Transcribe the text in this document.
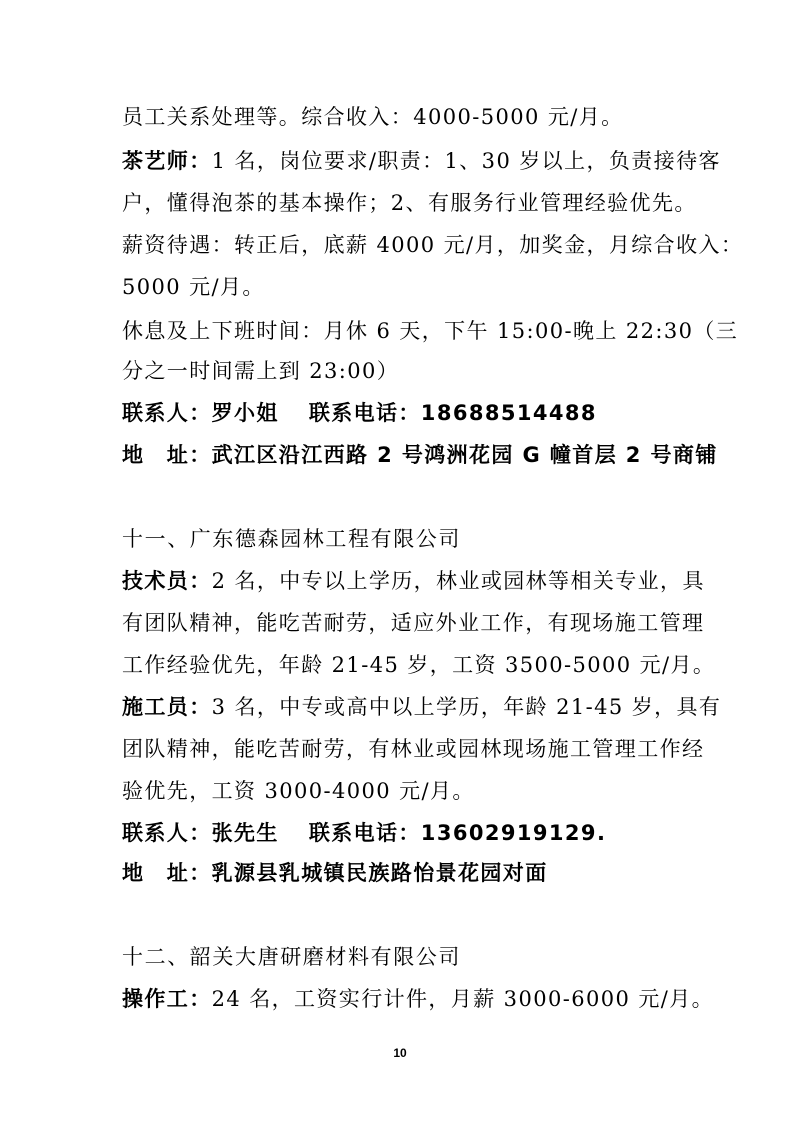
员工关系处理等。综合收入：4000-5000 元/月。
茶艺师：1 名，岗位要求/职责：1、30 岁以上，负责接待客
户，懂得泡茶的基本操作；2、有服务行业管理经验优先。
薪资待遇：转正后，底薪 4000 元/月，加奖金，月综合收入：
5000 元/月。
休息及上下班时间：月休 6 天，下午 15:00-晚上 22:30（三
分之一时间需上到 23:00）
联系人：罗小姐 联系电话：18688514488
地　址：武江区沿江西路 2 号鸿洲花园 G 幢首层 2 号商铺
十一、广东德森园林工程有限公司
技术员：2 名，中专以上学历，林业或园林等相关专业，具
有团队精神，能吃苦耐劳，适应外业工作，有现场施工管理
工作经验优先，年龄 21-45 岁，工资 3500-5000 元/月。
施工员：3 名，中专或高中以上学历，年龄 21-45 岁，具有
团队精神，能吃苦耐劳，有林业或园林现场施工管理工作经
验优先，工资 3000-4000 元/月。
联系人：张先生 联系电话：13602919129.
地　址：乳源县乳城镇民族路怡景花园对面
十二、韶关大唐研磨材料有限公司
操作工：24 名，工资实行计件，月薪 3000-6000 元/月。
10
